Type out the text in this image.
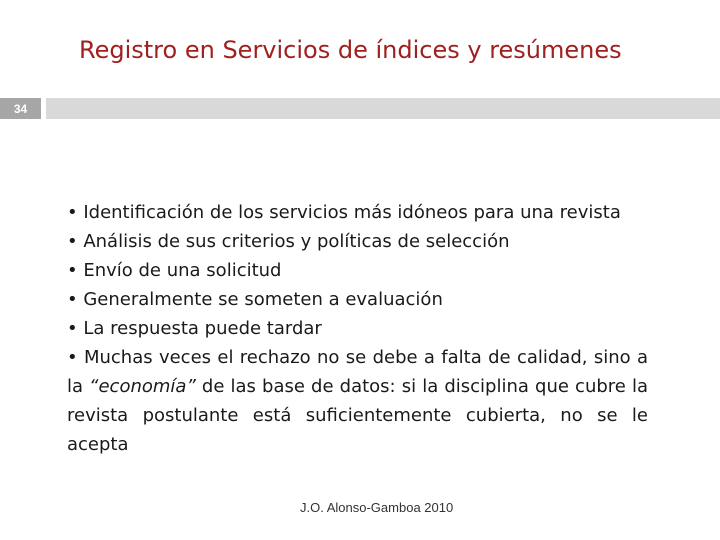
Registro en Servicios de índices y resúmenes
34
• Identificación de los servicios más idóneos para una revista
• Análisis de sus criterios y políticas de selección
• Envío de una solicitud
• Generalmente se someten a evaluación
• La respuesta puede tardar
• Muchas veces el rechazo no se debe a falta de calidad, sino a la “economía” de las base de datos: si la disciplina que cubre la revista postulante está suficientemente cubierta, no se le acepta
J.O. Alonso-Gamboa 2010
